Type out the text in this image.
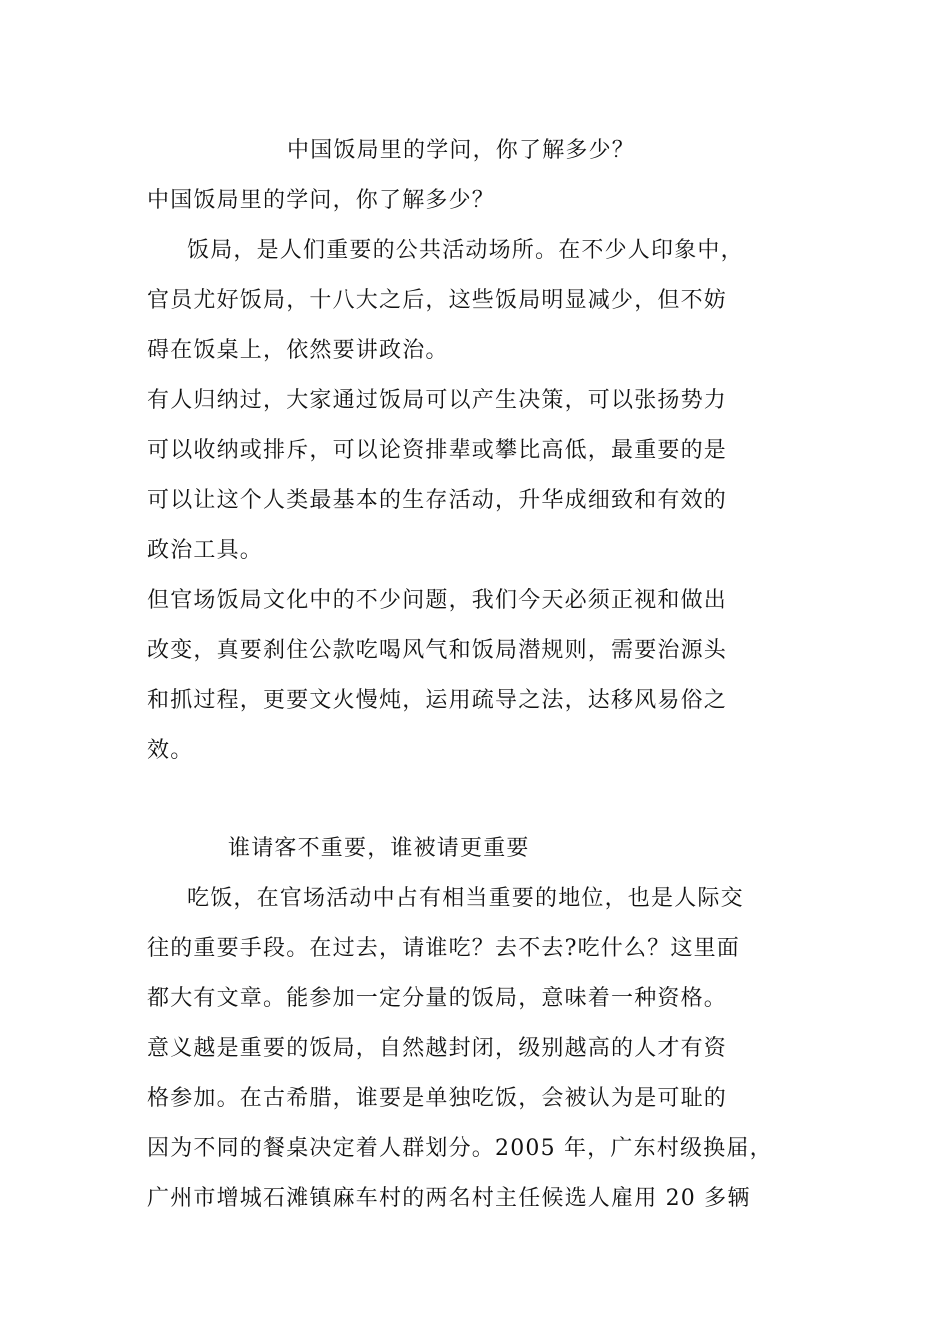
中国饭局里的学问，你了解多少？
中国饭局里的学问，你了解多少？
饭局，是人们重要的公共活动场所。在不少人印象中，
官员尤好饭局，十八大之后，这些饭局明显减少，但不妨
碍在饭桌上，依然要讲政治。
有人归纳过，大家通过饭局可以产生决策，可以张扬势力
可以收纳或排斥，可以论资排辈或攀比高低，最重要的是
可以让这个人类最基本的生存活动，升华成细致和有效的
政治工具。
但官场饭局文化中的不少问题，我们今天必须正视和做出
改变，真要刹住公款吃喝风气和饭局潜规则，需要治源头
和抓过程，更要文火慢炖，运用疏导之法，达移风易俗之
效。
谁请客不重要，谁被请更重要
吃饭，在官场活动中占有相当重要的地位，也是人际交
往的重要手段。在过去，请谁吃？去不去?吃什么？这里面
都大有文章。能参加一定分量的饭局，意味着一种资格。
意义越是重要的饭局，自然越封闭，级别越高的人才有资
格参加。在古希腊，谁要是单独吃饭，会被认为是可耻的
因为不同的餐桌决定着人群划分。2005 年，广东村级换届，
广州市增城石滩镇麻车村的两名村主任候选人雇用 20 多辆
